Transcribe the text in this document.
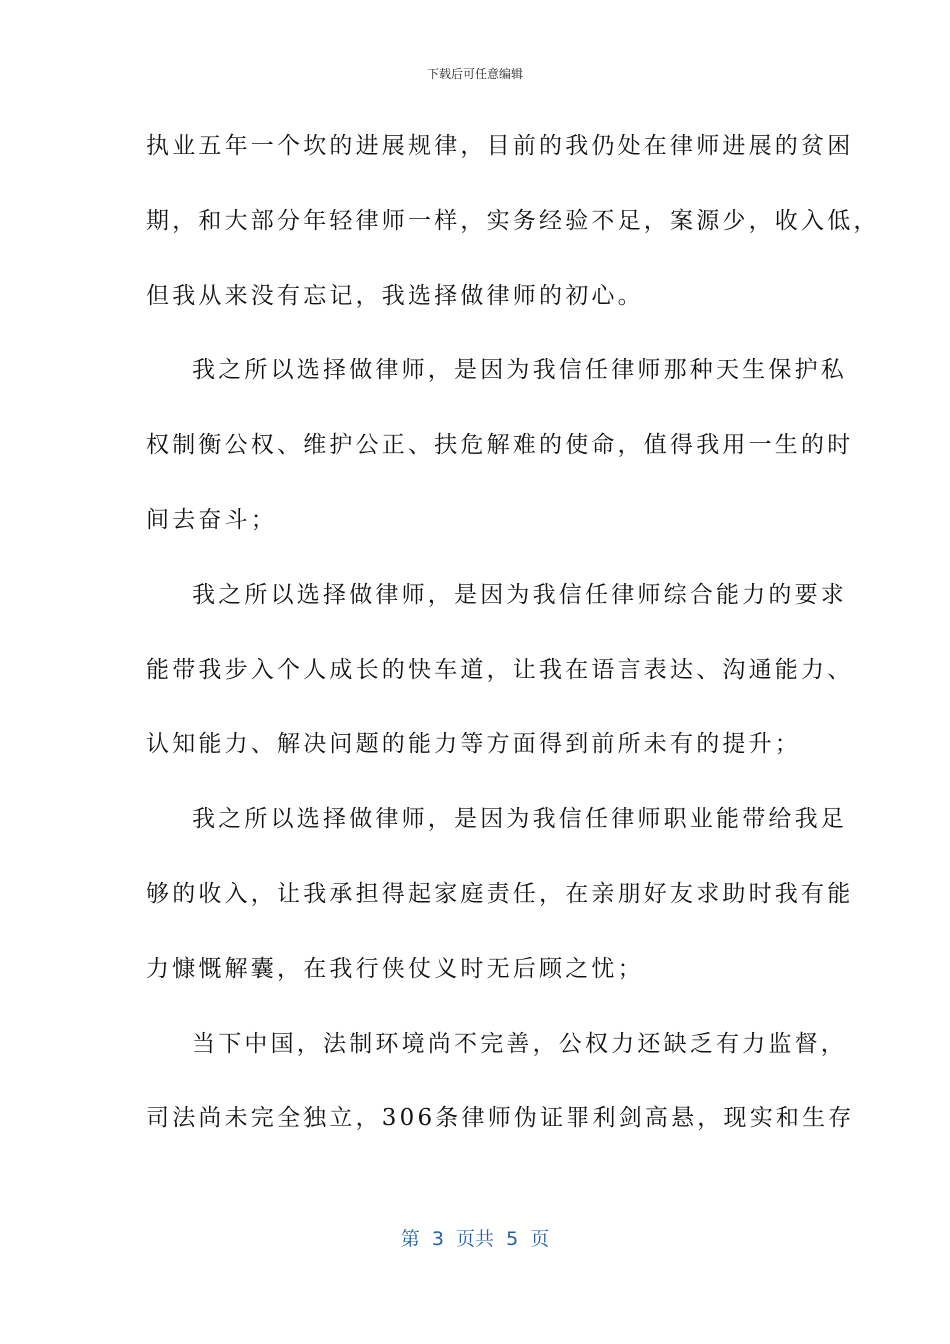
下载后可任意编辑
执业五年一个坎的进展规律，目前的我仍处在律师进展的贫困
期，和大部分年轻律师一样，实务经验不足，案源少，收入低，
但我从来没有忘记，我选择做律师的初心。
我之所以选择做律师，是因为我信任律师那种天生保护私
权制衡公权、维护公正、扶危解难的使命，值得我用一生的时
间去奋斗；
我之所以选择做律师，是因为我信任律师综合能力的要求
能带我步入个人成长的快车道，让我在语言表达、沟通能力、
认知能力、解决问题的能力等方面得到前所未有的提升；
我之所以选择做律师，是因为我信任律师职业能带给我足
够的收入，让我承担得起家庭责任，在亲朋好友求助时我有能
力慷慨解囊，在我行侠仗义时无后顾之忧；
当下中国，法制环境尚不完善，公权力还缺乏有力监督，
司法尚未完全独立，306条律师伪证罪利剑高悬，现实和生存
第  3  页共  5  页
